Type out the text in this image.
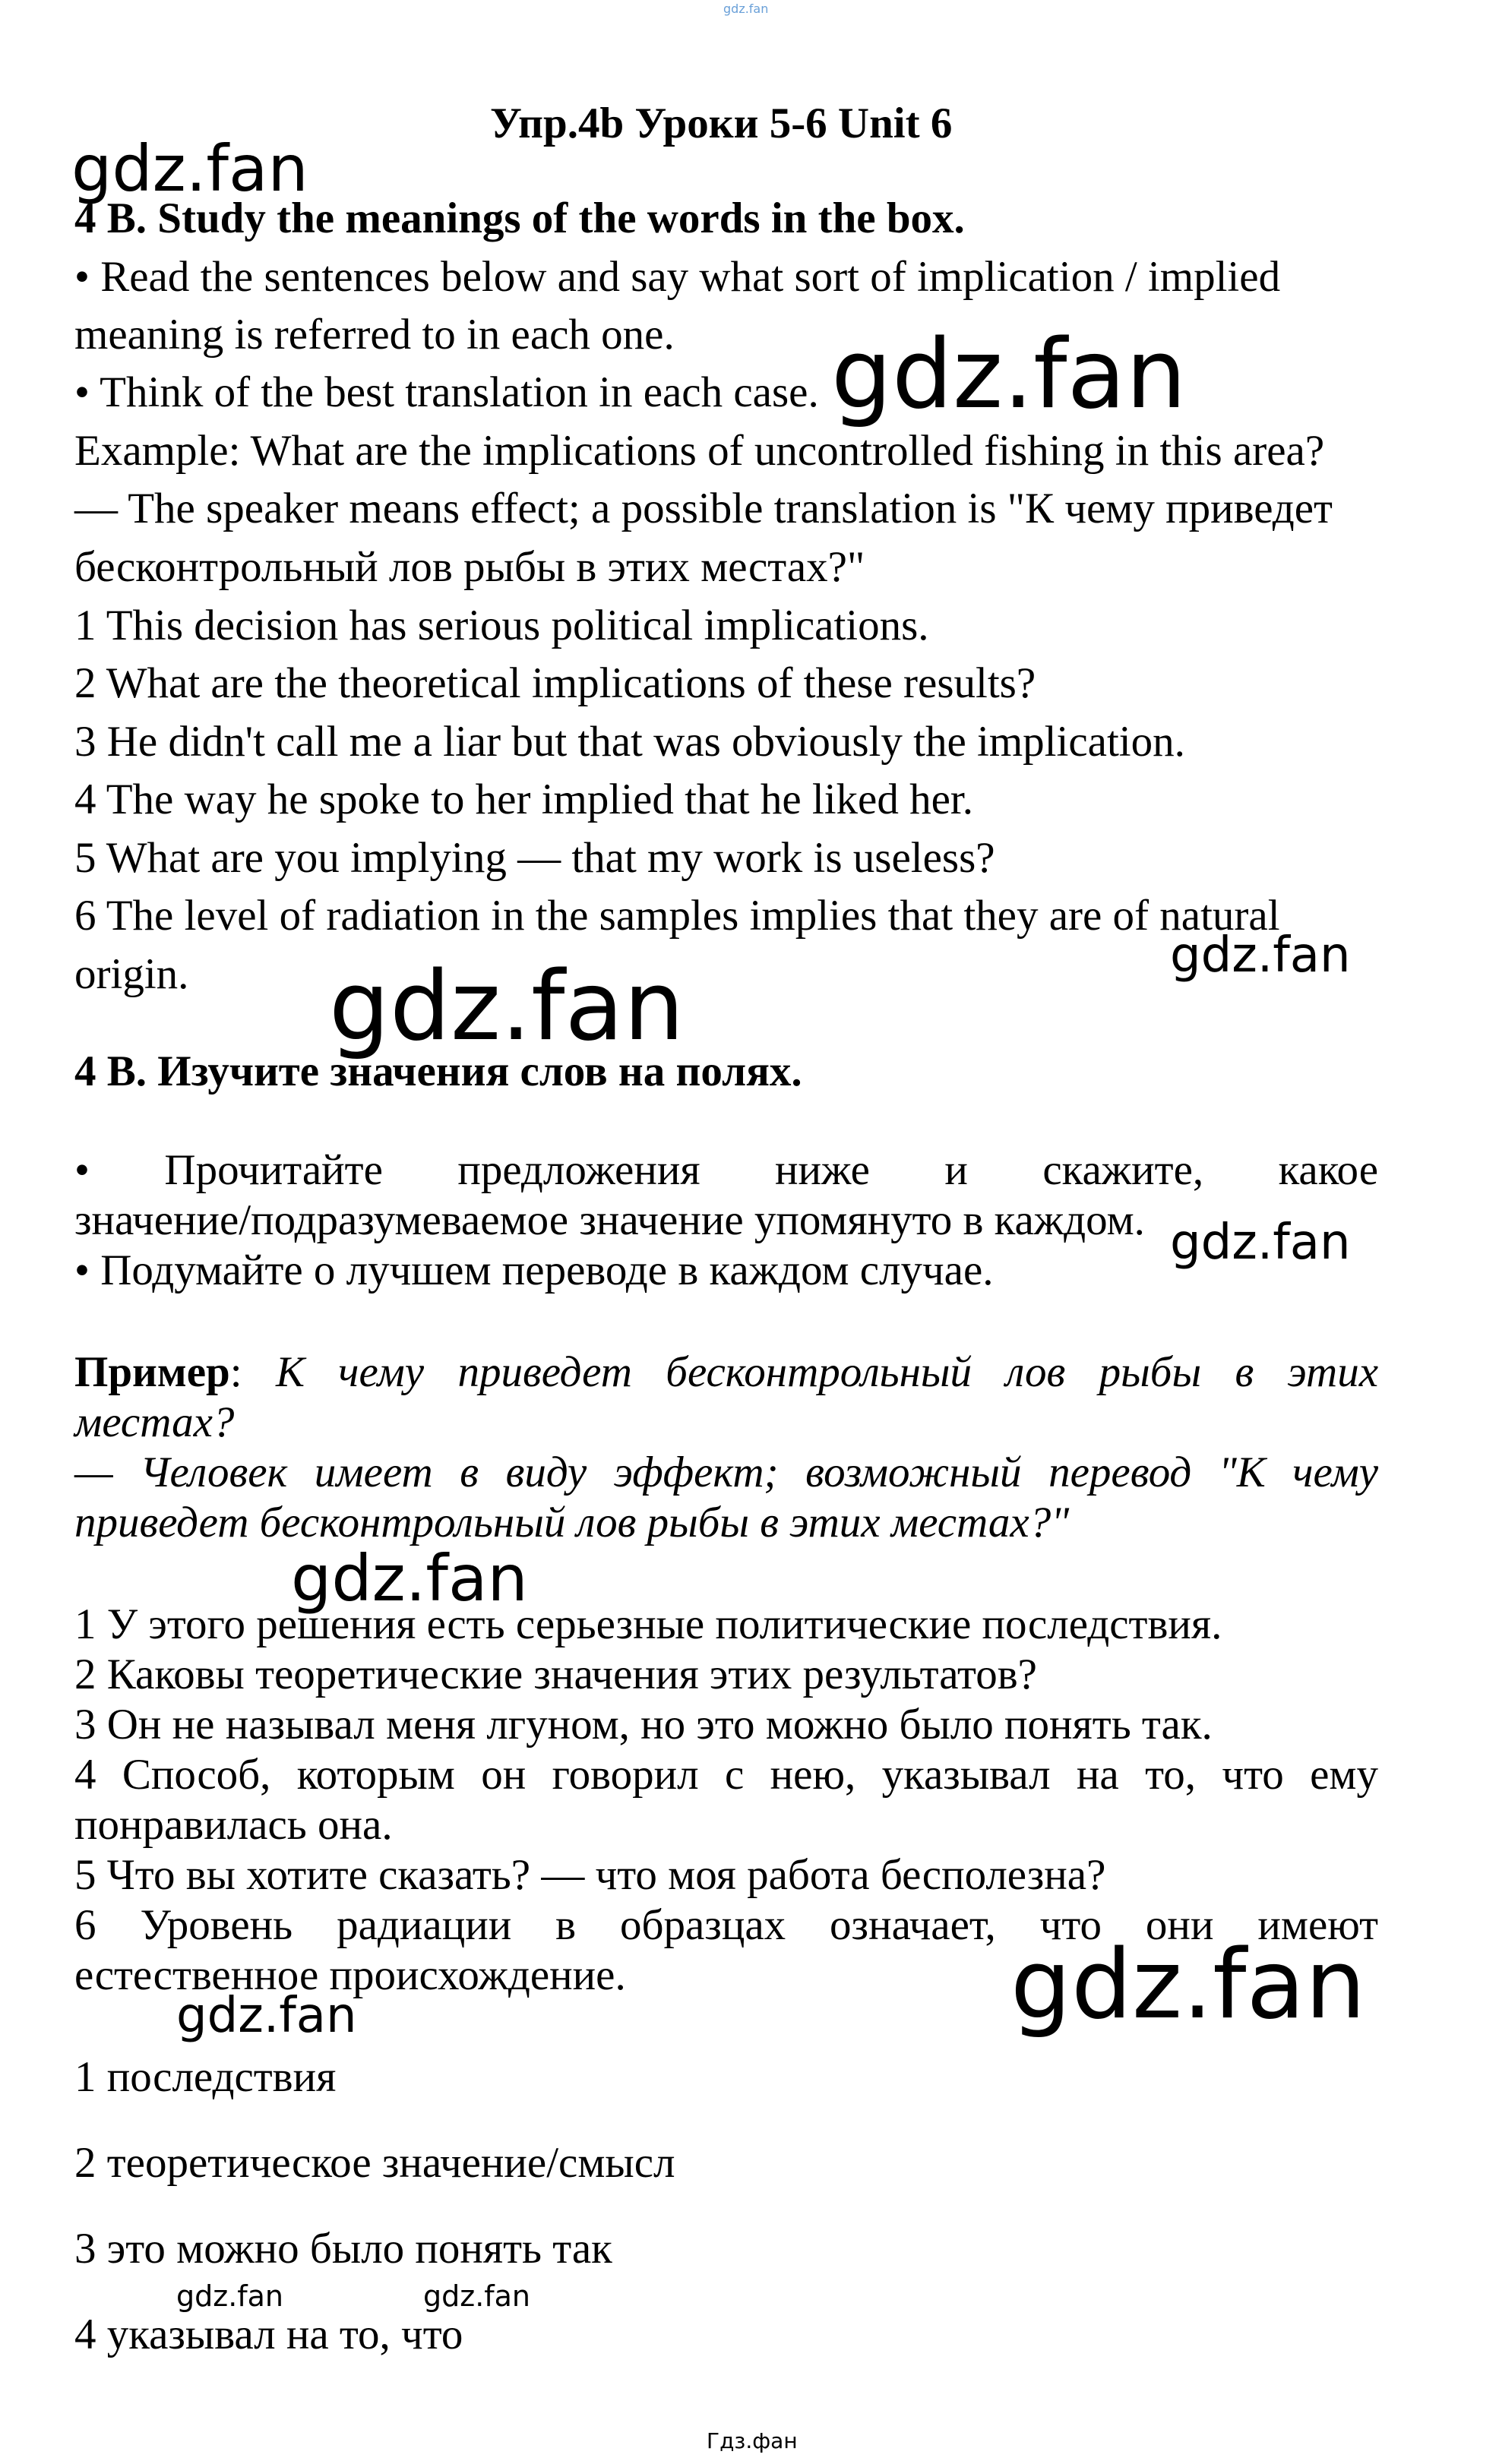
gdz.fan
Упр.4b Уроки 5-6 Unit 6
4 B. Study the meanings of the words in the box.
• Read the sentences below and say what sort of implication / implied
meaning is referred to in each one.
• Think of the best translation in each case.
Example: What are the implications of uncontrolled fishing in this area?
— The speaker means effect; a possible translation is "К чему приведет
бесконтрольный лов рыбы в этих местах?"
1 This decision has serious political implications.
2 What are the theoretical implications of these results?
3 He didn't call me a liar but that was obviously the implication.
4 The way he spoke to her implied that he liked her.
5 What are you implying — that my work is useless?
6 The level of radiation in the samples implies that they are of natural
origin.
4 В. Изучите значения слов на полях.
• Прочитайте предложения ниже и скажите, какое
значение/подразумеваемое значение упомянуто в каждом.
• Подумайте о лучшем переводе в каждом случае.
Пример: К чему приведет бесконтрольный лов рыбы в этих
местах?
— Человек имеет в виду эффект; возможный перевод "К чему
приведет бесконтрольный лов рыбы в этих местах?"
1 У этого решения есть серьезные политические последствия.
2 Каковы теоретические значения этих результатов?
3 Он не называл меня лгуном, но это можно было понять так.
4 Способ, которым он говорил с нею, указывал на то, что ему
понравилась она.
5 Что вы хотите сказать? — что моя работа бесполезна?
6 Уровень радиации в образцах означает, что они имеют
естественное происхождение.
1 последствия
2 теоретическое значение/смысл
3 это можно было понять так
4 указывал на то, что
gdz.fan
gdz.fan
gdz.fan
gdz.fan
gdz.fan
gdz.fan
gdz.fan
gdz.fan
gdz.fan	gdz.fan
Гдз.фан
